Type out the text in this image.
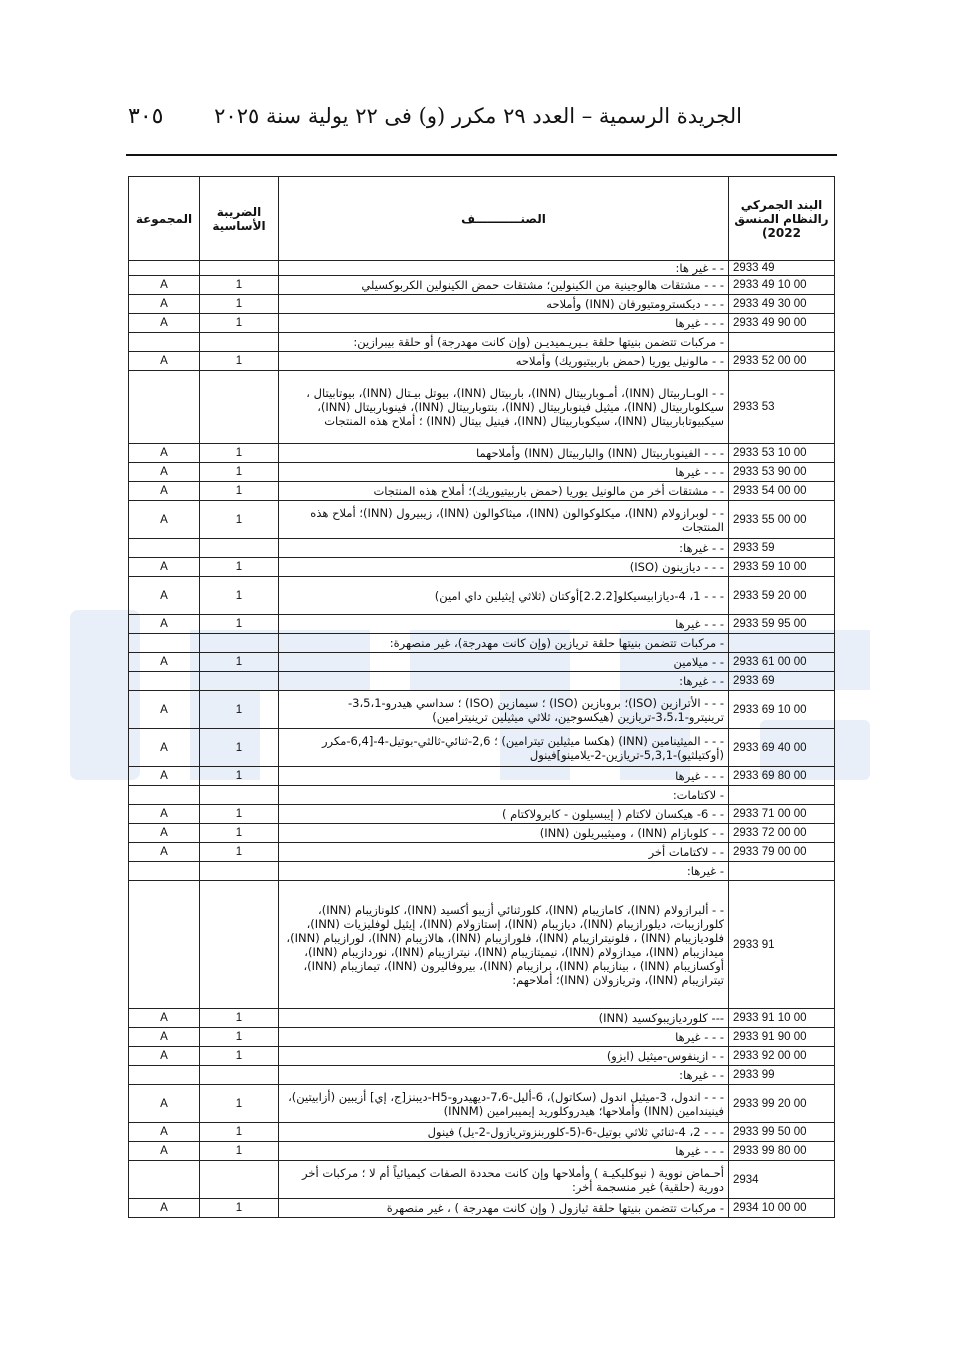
٣٠٥ الجريدة الرسمية – العدد ٢٩ مكرر (و) فى ٢٢ يولية سنة ٢٠٢٥
المجموعة	الضريبة الأساسية	الصنـــــــــــف	البند الجمركي رالنظام المنسق 2022)
		- - غير ها:	2933 49
A	1	- - - مشتقات هالوجينية من الكينولين؛ مشتقات حمض الكينولين الكربوكسيلي	2933 49 10 00
A	1	- - - ديكسترومتيورفان (INN) وأملاحه	2933 49 30 00
A	1	- - - غيرها	2933 49 90 00
		- مركبات تتضمن بنيتها حلقة بـيريـميديـن (وإن كانت مهدرجة) أو حلقة بيبرازين:	
A	1	- - مالونيل يوريا (حمض باربيتيوريك) وأملاحه	2933 52 00 00
		- - الوبـاربيتال (INN)، أمـوباربيتال (INN)، باربيتال (INN)، بيوتل بيـتال (INN)، بيوتابيتال ، سيكلوباربيتال (INN)، ميثيل فينوباربيتال (INN)، بنتوباربيتال (INN)، فينوباربيتال (INN)، سيكبيوتاباربيتال (INN)، سيكوباربيتال (INN)، فينيل بيتال (INN) ؛ أملاح هذه المنتجات	2933 53
A	1	- - - الفينوباربيتال (INN) والباربيتال (INN) وأملاحهما	2933 53 10 00
A	1	- - - غيرها	2933 53 90 00
A	1	- - مشتقات أخر من مالونيل يوريا (حمض باربيتيوريك)؛ أملاح هذه المنتجات	2933 54 00 00
A	1	- - لوبرازولام (INN)، ميكلوكوالون (INN)، ميثاكوالون (INN)، زيبيرول (INN)؛ أملاح هذه المنتجات	2933 55 00 00
		- - غيرها:	2933 59
A	1	- - - ديازينون (ISO)	2933 59 10 00
A	1	- - - 1، 4-دیازابیسیکلو[2.2.2]أوکتان (ثلاثي إيثيلين داي امين)	2933 59 20 00
A	1	- - - غيرها	2933 59 95 00
		- مركبات تتضمن بنيتها حلقة تريازين (وإن كانت مهدرجة)، غير منصهرة:	
A	1	- - ميلامين	2933 61 00 00
		- - غيرها:	2933 69
A	1	- - - الأترازين (ISO)؛ بروبازين (ISO) ؛ سيمازين (ISO) ؛ سداسي هيدرو-3،5،1- ترينيترو-3،5،1-تريازين (هيكسوجين، ثلاثي ميثيلين ترينيترامين)	2933 69 10 00
A	1	- - - الميثينامين (INN) (هكسا ميثيلين تيترامين) ؛ 2,6-ثنائي-ثالثي-بوتيل-4-[6,4-مكرر (أوكتيلثيو)-5,3,1-تريازين-2-يلامينو]فينول	2933 69 40 00
A	1	- - - غيرها	2933 69 80 00
		- لاكتامات:	
A	1	- - 6- هيكسان لاكتام ( إيبسيلون - كابرولاكتام )	2933 71 00 00
A	1	- - كلوبازام (INN) ، وميثيبريلون (INN)	2933 72 00 00
A	1	- - لاكتامات أخر	2933 79 00 00
		- غيرها:	
		- - ألبرازولام (INN)، كامازيبام (INN)، كلورثنائي أزيبو أكسيد (INN)، كلونازيبام (INN)، كلورازيبات، ديلورازيبام (INN)، ديازيبام (INN)، إستازولام (INN)، إيثيل لوفليزيات (INN)، فلودیازیبام (INN) ، فلونيترازيبام (INN)، فلورازيبام (INN)، هالازيبام (INN)، لورازيبام (INN)، ميدازيبام (INN)، ميدازولام (INN)، نيميتازيبام (INN)، نيترازيبام (INN)، نوردازيبام (INN)، أوكسازيبام (INN) ، بينازيبام (INN)، برازيبام (INN)، بيروفاليرون (INN)، تيمازيبام (INN)، تيترازيبام (INN)، وتريازولان (INN)؛ أملاحهم:	2933 91
A	1	--- كلورديازيبوكسيد (INN)	2933 91 10 00
A	1	- - - غيرها	2933 91 90 00
A	1	- - ازينفوس-ميثيل (ايزو)	2933 92 00 00
		- - غيرها:	2933 99
A	1	- - - اندول، 3-ميثيل اندول (سكاتول)، 6-أليل-7،6-ديهيدرو-H5-ديبنز[ج، إي] أزيبين (أزابيتين)، فينيندامين (INN) وأملاحها؛ هيدروكلوريد إيميبرامين (INNM)	2933 99 20 00
A	1	- - - 2، 4-ثنائي ثلاثي بوتيل-6-(5-كلوربنزوتريازول-2-يل) فينول	2933 99 50 00
A	1	- - - غيرها	2933 99 80 00
		أحـماض نووية ( نيوكليكيـة ) وأملاحها وإن كانت محددة الصفات كيميائياً أم لا ؛ مركبات أخر دورية (حلقية) غير منسجمة أخر:	2934
A	1	- مركبات تتضمن بنيتها حلقة ثيازول ( وإن كانت مهدرجة ) ، غير منصهرة	2934 10 00 00
